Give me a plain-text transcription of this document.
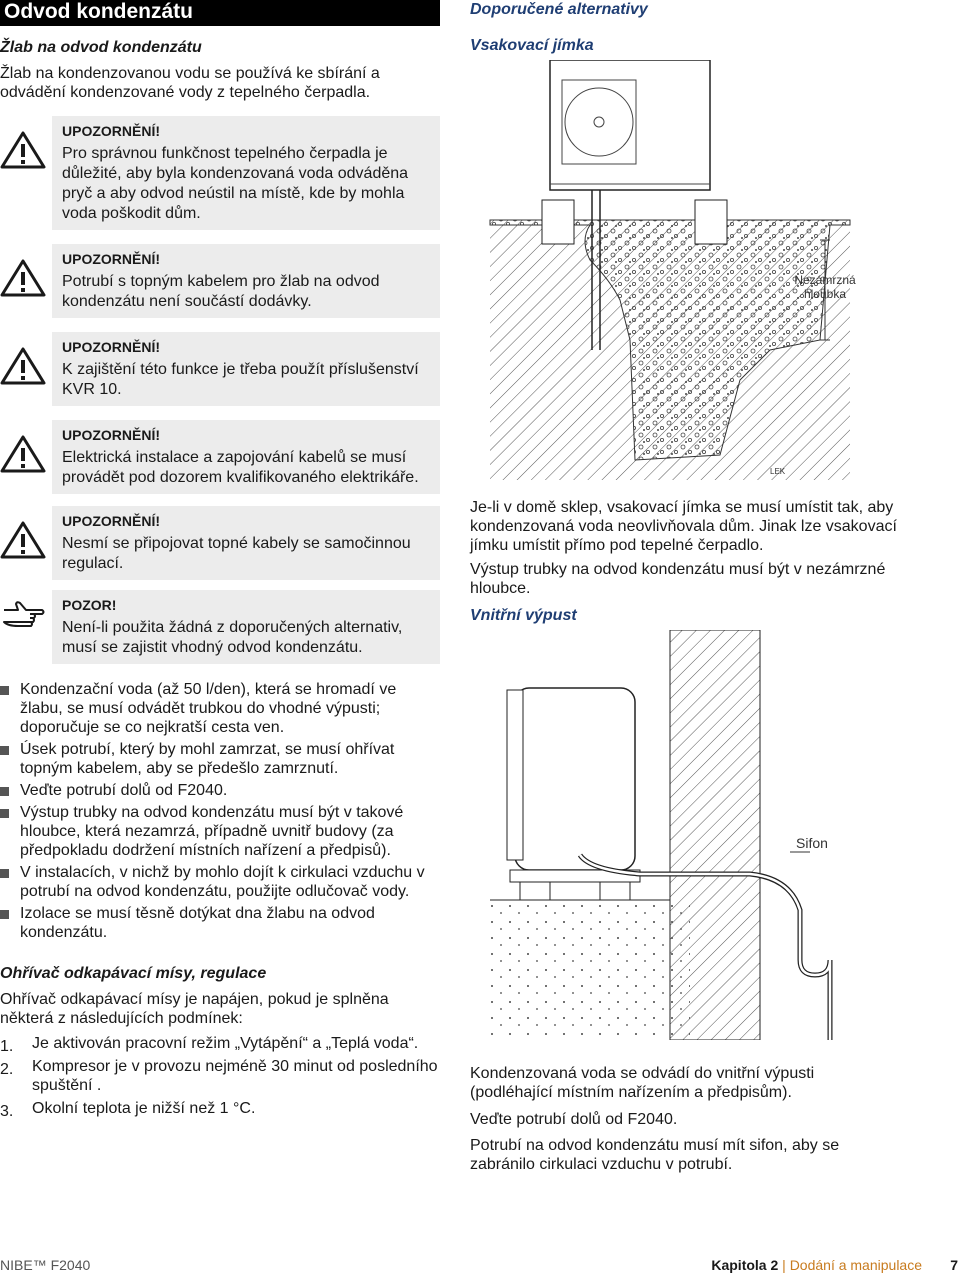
Odvod kondenzátu
Žlab na odvod kondenzátu
Žlab na kondenzovanou vodu se používá ke sbírání a odvádění kondenzované vody z tepelného čerpadla.
UPOZORNĚNÍ!
Pro správnou funkčnost tepelného čerpadla je důležité, aby byla kondenzovaná voda odváděna pryč a aby odvod neústil na místě, kde by mohla voda poškodit dům.
UPOZORNĚNÍ!
Potrubí s topným kabelem pro žlab na odvod kondenzátu není součástí dodávky.
UPOZORNĚNÍ!
K zajištění této funkce je třeba použít příslušenství KVR 10.
UPOZORNĚNÍ!
Elektrická instalace a zapojování kabelů se musí provádět pod dozorem kvalifikovaného elektrikáře.
UPOZORNĚNÍ!
Nesmí se připojovat topné kabely se samočinnou regulací.
POZOR!
Není-li použita žádná z doporučených alternativ, musí se zajistit vhodný odvod kondenzátu.
Kondenzační voda (až 50 l/den), která se hromadí ve žlabu, se musí odvádět trubkou do vhodné výpusti; doporučuje se co nejkratší cesta ven.
Úsek potrubí, který by mohl zamrzat, se musí ohřívat topným kabelem, aby se předešlo zamrznutí.
Veďte potrubí dolů od F2040.
Výstup trubky na odvod kondenzátu musí být v takové hloubce, která nezamrzá, případně uvnitř budovy (za předpokladu dodržení místních nařízení a předpisů).
V instalacích, v nichž by mohlo dojít k cirkulaci vzduchu v potrubí na odvod kondenzátu, použijte odlučovač vody.
Izolace se musí těsně dotýkat dna žlabu na odvod kondenzátu.
Ohřívač odkapávací mísy, regulace
Ohřívač odkapávací mísy je napájen, pokud je splněna některá z následujících podmínek:
1. Je aktivován pracovní režim „Vytápění“ a „Teplá voda“.
2. Kompresor je v provozu nejméně 30 minut od posledního spuštění .
3. Okolní teplota je nižší než 1 °C.
Doporučené alternativy
Vsakovací jímka
Nezámrzná
hloubka
LEK
Je-li v domě sklep, vsakovací jímka se musí umístit tak, aby kondenzovaná voda neovlivňovala dům. Jinak lze vsakovací jímku umístit přímo pod tepelné čerpadlo.
Výstup trubky na odvod kondenzátu musí být v nezámrzné hloubce.
Vnitřní výpust
Sifon
Kondenzovaná voda se odvádí do vnitřní výpusti (podléhající místním nařízením a předpisům).
Veďte potrubí dolů od F2040.
Potrubí na odvod kondenzátu musí mít sifon, aby se zabránilo cirkulaci vzduchu v potrubí.
NIBE™ F2040	Kapitola 2 | Dodání a manipulace 7
